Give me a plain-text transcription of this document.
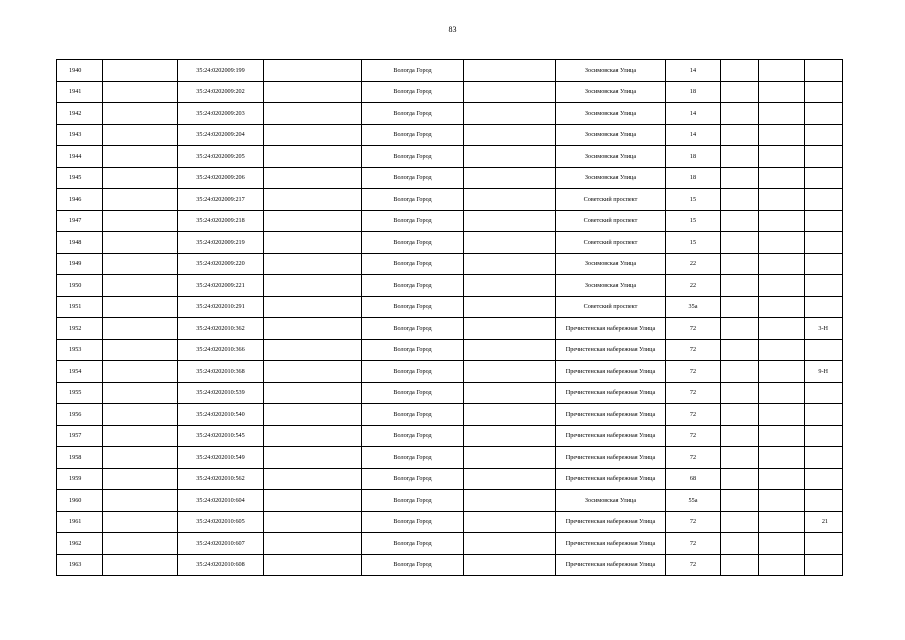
83
1940		35:24:0202009:199		Вологда Город		Зосимовская Улица	14			
1941		35:24:0202009:202		Вологда Город		Зосимовская Улица	18			
1942		35:24:0202009:203		Вологда Город		Зосимовская Улица	14			
1943		35:24:0202009:204		Вологда Город		Зосимовская Улица	14			
1944		35:24:0202009:205		Вологда Город		Зосимовская Улица	18			
1945		35:24:0202009:206		Вологда Город		Зосимовская Улица	18			
1946		35:24:0202009:217		Вологда Город		Советский проспект	15			
1947		35:24:0202009:218		Вологда Город		Советский проспект	15			
1948		35:24:0202009:219		Вологда Город		Советский проспект	15			
1949		35:24:0202009:220		Вологда Город		Зосимовская Улица	22			
1950		35:24:0202009:221		Вологда Город		Зосимовская Улица	22			
1951		35:24:0202010:291		Вологда Город		Советский проспект	35а			
1952		35:24:0202010:362		Вологда Город		Пречистенская набережная Улица	72			3-Н
1953		35:24:0202010:366		Вологда Город		Пречистенская набережная Улица	72			
1954		35:24:0202010:368		Вологда Город		Пречистенская набережная Улица	72			9-Н
1955		35:24:0202010:539		Вологда Город		Пречистенская набережная Улица	72			
1956		35:24:0202010:540		Вологда Город		Пречистенская набережная Улица	72			
1957		35:24:0202010:545		Вологда Город		Пречистенская набережная Улица	72			
1958		35:24:0202010:549		Вологда Город		Пречистенская набережная Улица	72			
1959		35:24:0202010:562		Вологда Город		Пречистенская набережная Улица	68			
1960		35:24:0202010:604		Вологда Город		Зосимовская Улица	55а			
1961		35:24:0202010:605		Вологда Город		Пречистенская набережная Улица	72			21
1962		35:24:0202010:607		Вологда Город		Пречистенская набережная Улица	72			
1963		35:24:0202010:608		Вологда Город		Пречистенская набережная Улица	72			
